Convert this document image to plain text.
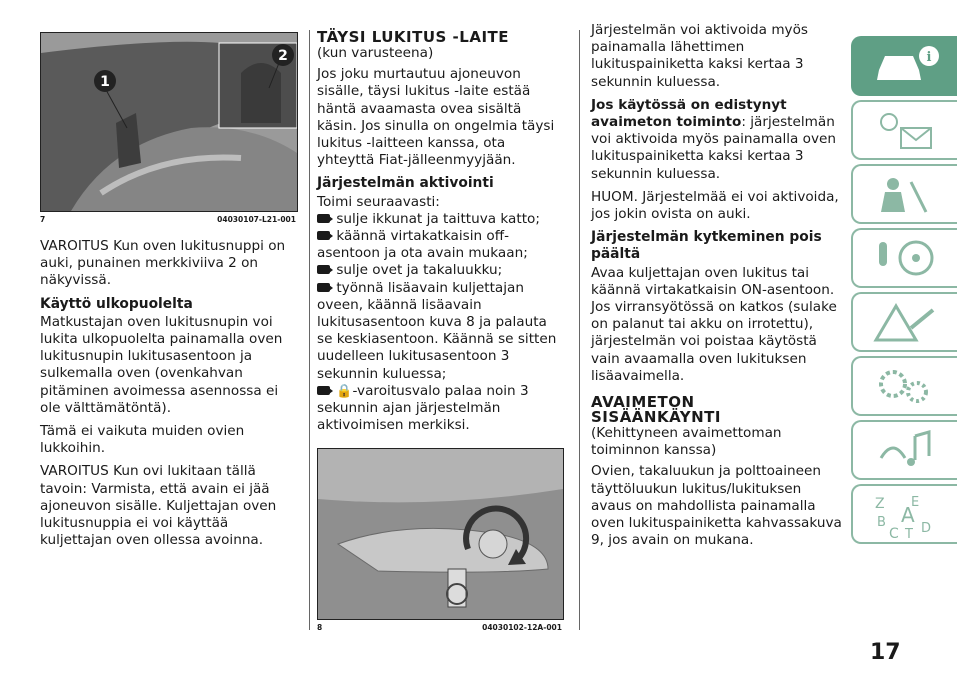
1
2
7	04030107-L21-001

VAROITUS Kun oven lukitusnuppi on auki, punainen merkkiviiva 2 on näkyvissä.

Käyttö ulkopuolelta

Matkustajan oven lukitusnupin voi lukita ulkopuolelta painamalla oven lukitusnupin lukitusasentoon ja sulkemalla oven (ovenkahvan pitäminen avoimessa asennossa ei ole välttämätöntä).

Tämä ei vaikuta muiden ovien lukkoihin.

VAROITUS Kun ovi lukitaan tällä tavoin: Varmista, että avain ei jää ajoneuvon sisälle. Kuljettajan oven lukitusnuppia ei voi käyttää kuljettajan oven ollessa avoinna.

TÄYSI LUKITUS -LAITE

(kun varusteena)

Jos joku murtautuu ajoneuvon sisälle, täysi lukitus -laite estää häntä avaamasta ovea sisältä käsin. Jos sinulla on ongelmia täysi lukitus -laitteen kanssa, ota yhteyttä Fiat-jälleenmyyjään.

Järjestelmän aktivointi
Toimi seuraavasti:
sulje ikkunat ja taittuva katto;
käännä virtakatkaisin off-asentoon ja ota avain mukaan;
sulje ovet ja takaluukku;
työnnä lisäavain kuljettajan oveen, käännä lisäavain lukitusasentoon kuva 8 ja palauta se keskiasentoon. Käännä se sitten uudelleen lukitusasentoon 3 sekunnin kuluessa;
🔒-varoitusvalo palaa noin 3 sekunnin ajan järjestelmän aktivoimisen merkiksi.
8	04030102-12A-001

Järjestelmän voi aktivoida myös painamalla lähettimen lukituspainiketta kaksi kertaa 3 sekunnin kuluessa.

Jos käytössä on edistynyt avaimeton toiminto: järjestelmän voi aktivoida myös painamalla oven lukituspainiketta kaksi kertaa 3 sekunnin kuluessa.

HUOM. Järjestelmää ei voi aktivoida, jos jokin ovista on auki.

Järjestelmän kytkeminen pois päältä

Avaa kuljettajan oven lukitus tai käännä virtakatkaisin ON-asentoon. Jos virransyötössä on katkos (sulake on palanut tai akku on irrotettu), järjestelmän voi poistaa käytöstä vain avaamalla oven lukituksen lisäavaimella.

AVAIMETON SISÄÄNKÄYNTI

(Kehittyneen avaimettoman toiminnon kanssa)

Ovien, takaluukun ja polttoaineen täyttöluukun lukitus/lukituksen avaus on mahdollista painamalla oven lukituspainiketta kahvassakuva 9, jos avain on mukana.

i
Z E
B A
C T D
17
